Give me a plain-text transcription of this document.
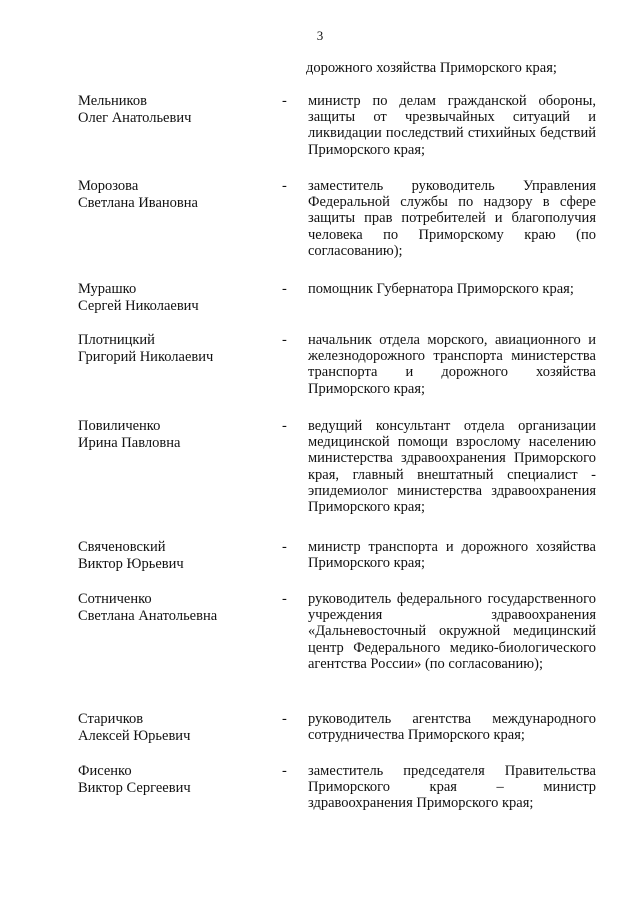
3
дорожного хозяйства Приморского края;
Мельников
Олег Анатольевич
-	министр по делам гражданской обороны, защиты от чрезвычайных ситуаций и ликвидации последствий стихийных бедствий Приморского края;
Морозова
Светлана Ивановна
-	заместитель руководитель Управления Федеральной службы по надзору в сфере защиты прав потребителей и благополучия человека по Приморскому краю (по согласованию);
Мурашко
Сергей Николаевич
-	помощник Губернатора Приморского края;
Плотницкий
Григорий Николаевич
-	начальник отдела морского, авиационного и железнодорожного транспорта министерства транспорта и дорожного хозяйства Приморского края;
Повиличенко
Ирина Павловна
-	ведущий консультант отдела организации медицинской помощи взрослому населению министерства здравоохранения Приморского края, главный внештатный специалист - эпидемиолог министерства здравоохранения Приморского края;
Свяченовский
Виктор Юрьевич
-	министр транспорта и дорожного хозяйства Приморского края;
Сотниченко
Светлана Анатольевна
-	руководитель федерального государственного учреждения здравоохранения «Дальневосточный окружной медицинский центр Федерального медико-биологического агентства России» (по согласованию);
Старичков
Алексей Юрьевич
-	руководитель агентства международного сотрудничества Приморского края;
Фисенко
Виктор Сергеевич
-	заместитель председателя Правительства Приморского края – министр здравоохранения Приморского края;
